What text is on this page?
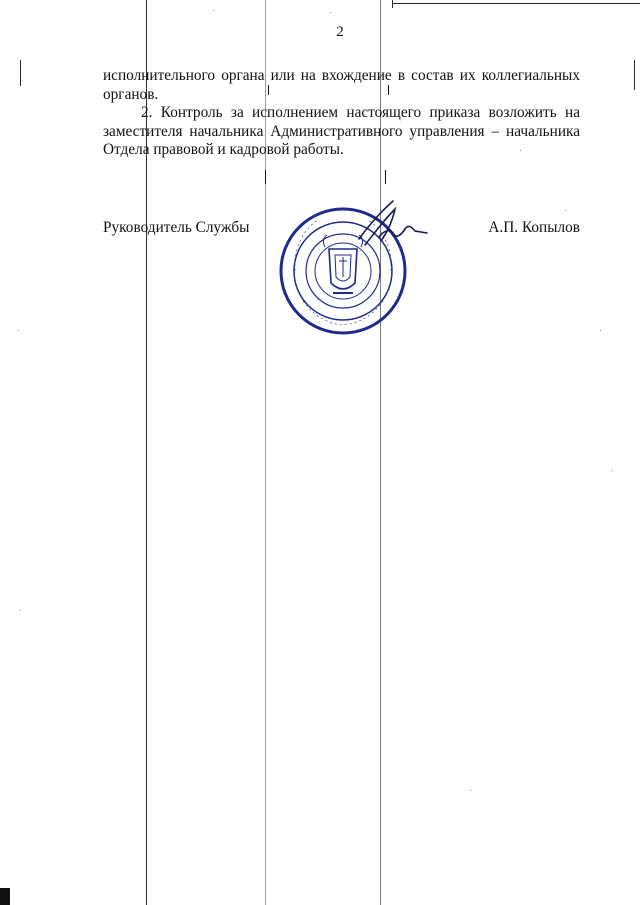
2
исполнительного органа или на вхождение в состав их коллегиальных
органов.
2. Контроль за исполнением настоящего приказа возложить на
заместителя начальника Административного управления – начальника
Отдела правовой и кадровой работы.
Руководитель Службы	А.П. Копылов
